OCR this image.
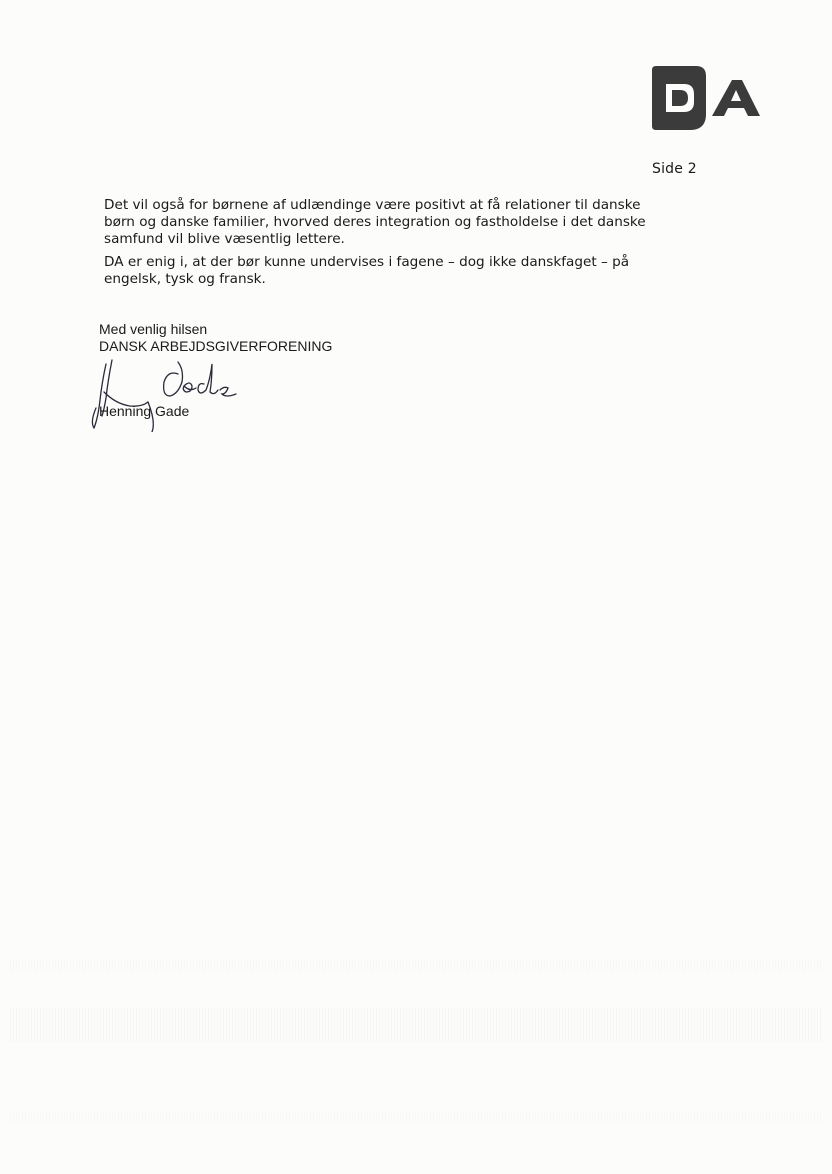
Side 2

Det vil også for børnene af udlændinge være positivt at få relationer til danske
børn og danske familier, hvorved deres integration og fastholdelse i det danske
samfund vil blive væsentlig lettere.

DA er enig i, at der bør kunne undervises i fagene – dog ikke danskfaget – på
engelsk, tysk og fransk.

Med venlig hilsen
DANSK ARBEJDSGIVERFORENING
Henning Gade
